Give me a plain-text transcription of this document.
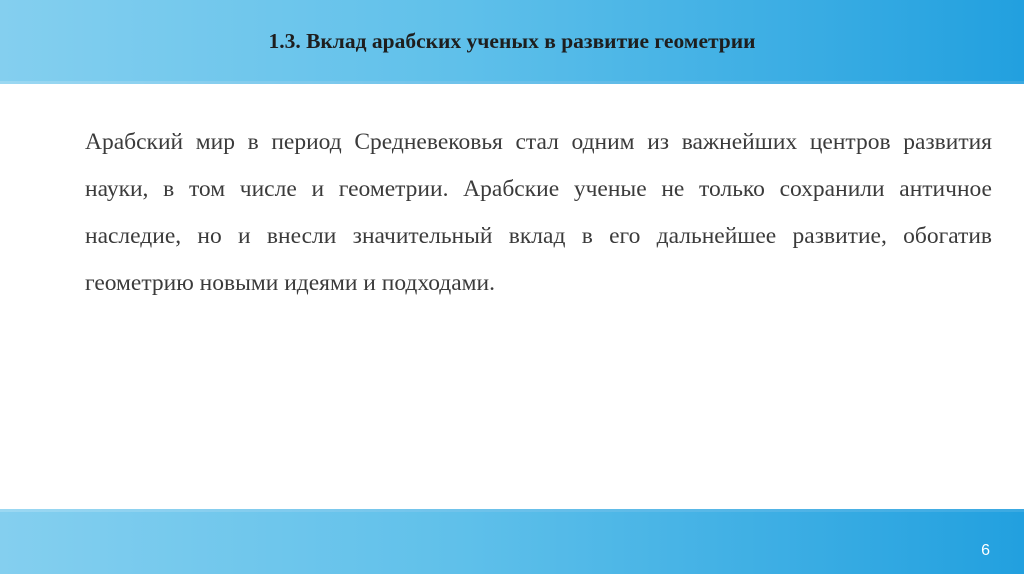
1.3. Вклад арабских ученых в развитие геометрии
Арабский мир в период Средневековья стал одним из важнейших центров развития науки, в том числе и геометрии. Арабские ученые не только сохранили античное наследие, но и внесли значительный вклад в его дальнейшее развитие, обогатив геометрию новыми идеями и подходами.
6
